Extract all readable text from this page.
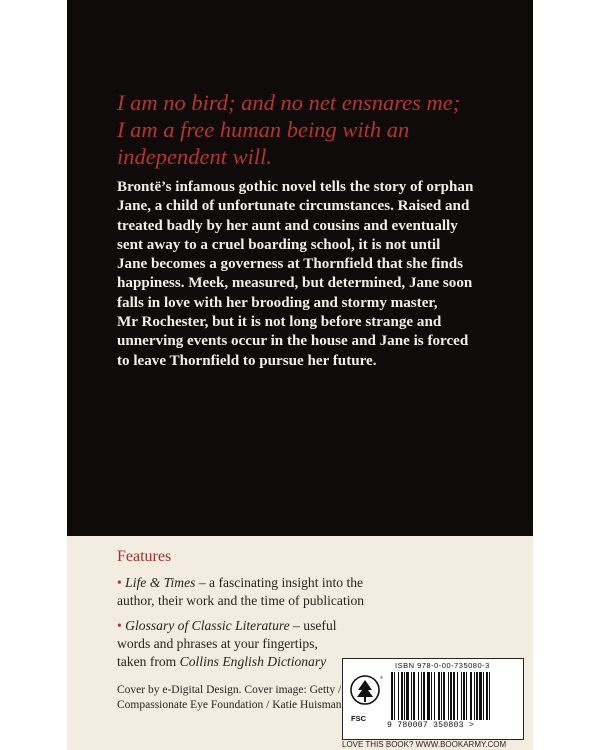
I am no bird; and no net ensnares me;
I am a free human being with an
independent will.

Brontë’s infamous gothic novel tells the story of orphan
Jane, a child of unfortunate circumstances. Raised and
treated badly by her aunt and cousins and eventually
sent away to a cruel boarding school, it is not until
Jane becomes a governess at Thornfield that she finds
happiness. Meek, measured, but determined, Jane soon
falls in love with her brooding and stormy master,
Mr Rochester, but it is not long before strange and
unnerving events occur in the house and Jane is forced
to leave Thornfield to pursue her future.

Features

• Life & Times – a fascinating insight into the
author, their work and the time of publication

• Glossary of Classic Literature – useful
words and phrases at your fingertips,
taken from Collins English Dictionary

Cover by e-Digital Design. Cover image: Getty /
Compassionate Eye Foundation / Katie Huisman

ISBN 978-0-00-735080-3
®
FSC
9 780007 350803 >
LOVE THIS BOOK? WWW.BOOKARMY.COM
